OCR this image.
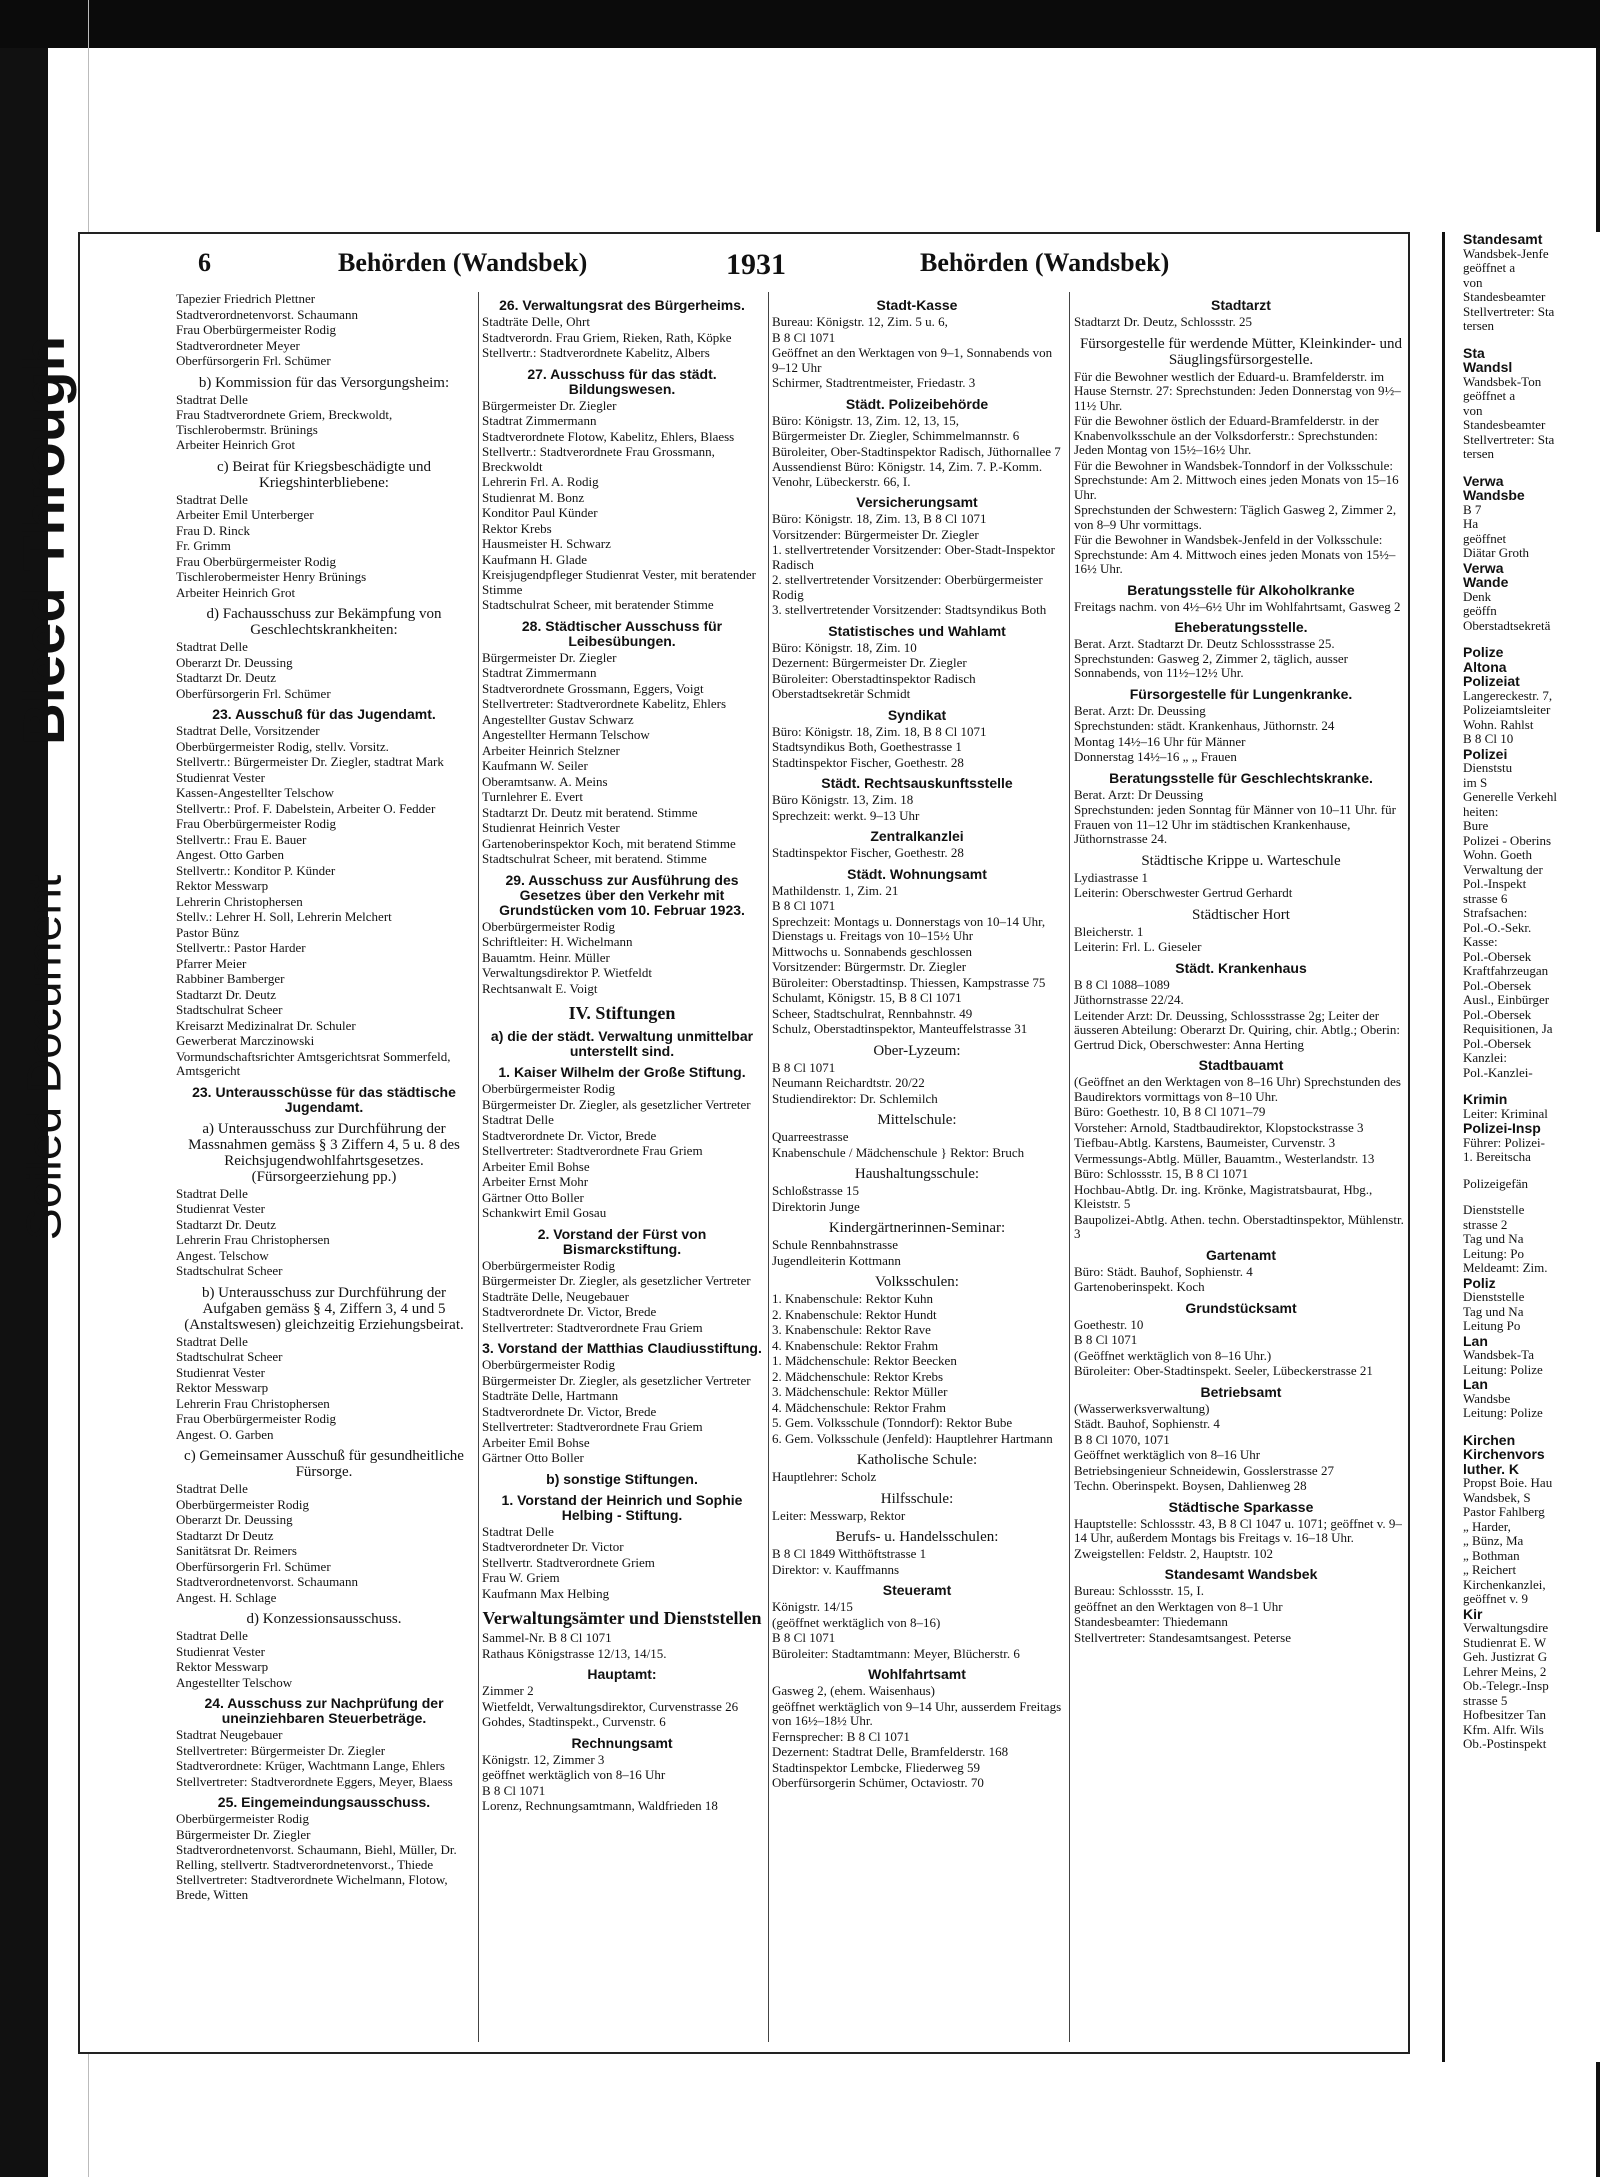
Bleed Through
Soiled Document
6	Behörden (Wandsbek)	1931	Behörden (Wandsbek)

Tapezier Friedrich Plettner

Stadtverordnetenvorst. Schaumann

Frau Oberbürgermeister Rodig

Stadtverordneter Meyer

Oberfürsorgerin Frl. Schümer

b) Kommission für das Versorgungsheim:

Stadtrat Delle

Frau Stadtverordnete Griem, Breckwoldt, Tischlerobermstr. Brünings

Arbeiter Heinrich Grot

c) Beirat für Kriegsbeschädigte und Kriegshinterbliebene:

Stadtrat Delle

Arbeiter Emil Unterberger

Frau D. Rinck

Fr. Grimm

Frau Oberbürgermeister Rodig

Tischlerobermeister Henry Brünings

Arbeiter Heinrich Grot

d) Fachausschuss zur Bekämpfung von Geschlechtskrankheiten:

Stadtrat Delle

Oberarzt Dr. Deussing

Stadtarzt Dr. Deutz

Oberfürsorgerin Frl. Schümer

23. Ausschuß für das Jugendamt.

Stadtrat Delle, Vorsitzender

Oberbürgermeister Rodig, stellv. Vorsitz.

Stellvertr.: Bürgermeister Dr. Ziegler, stadtrat Mark

Studienrat Vester

Kassen-Angestellter Telschow

Stellvertr.: Prof. F. Dabelstein, Arbeiter O. Fedder

Frau Oberbürgermeister Rodig

Stellvertr.: Frau E. Bauer

Angest. Otto Garben

Stellvertr.: Konditor P. Künder

Rektor Messwarp

Lehrerin Christophersen

Stellv.: Lehrer H. Soll, Lehrerin Melchert

Pastor Bünz

Stellvertr.: Pastor Harder

Pfarrer Meier

Rabbiner Bamberger

Stadtarzt Dr. Deutz

Stadtschulrat Scheer

Kreisarzt Medizinalrat Dr. Schuler

Gewerberat Marczinowski

Vormundschaftsrichter Amtsgerichtsrat Sommerfeld, Amtsgericht

23. Unterausschüsse für das städtische Jugendamt.
a) Unterausschuss zur Durchführung der Massnahmen gemäss § 3 Ziffern 4, 5 u. 8 des Reichsjugendwohlfahrtsgesetzes. (Fürsorgeerziehung pp.)

Stadtrat Delle

Studienrat Vester

Stadtarzt Dr. Deutz

Lehrerin Frau Christophersen

Angest. Telschow

Stadtschulrat Scheer

b) Unterausschuss zur Durchführung der Aufgaben gemäss § 4, Ziffern 3, 4 und 5 (Anstaltswesen) gleichzeitig Erziehungsbeirat.

Stadtrat Delle

Stadtschulrat Scheer

Studienrat Vester

Rektor Messwarp

Lehrerin Frau Christophersen

Frau Oberbürgermeister Rodig

Angest. O. Garben

c) Gemeinsamer Ausschuß für gesundheitliche Fürsorge.

Stadtrat Delle

Oberbürgermeister Rodig

Oberarzt Dr. Deussing

Stadtarzt Dr Deutz

Sanitätsrat Dr. Reimers

Oberfürsorgerin Frl. Schümer

Stadtverordnetenvorst. Schaumann

Angest. H. Schlage

d) Konzessionsausschuss.

Stadtrat Delle

Studienrat Vester

Rektor Messwarp

Angestellter Telschow

24. Ausschuss zur Nachprüfung der uneinziehbaren Steuerbeträge.

Stadtrat Neugebauer

Stellvertreter: Bürgermeister Dr. Ziegler

Stadtverordnete: Krüger, Wachtmann Lange, Ehlers

Stellvertreter: Stadtverordnete Eggers, Meyer, Blaess

25. Eingemeindungsausschuss.

Oberbürgermeister Rodig

Bürgermeister Dr. Ziegler

Stadtverordnetenvorst. Schaumann, Biehl, Müller, Dr. Relling, stellvertr. Stadtverordnetenvorst., Thiede

Stellvertreter: Stadtverordnete Wichelmann, Flotow, Brede, Witten

26. Verwaltungsrat des Bürgerheims.

Stadträte Delle, Ohrt

Stadtverordn. Frau Griem, Rieken, Rath, Köpke

Stellvertr.: Stadtverordnete Kabelitz, Albers

27. Ausschuss für das städt. Bildungswesen.

Bürgermeister Dr. Ziegler

Stadtrat Zimmermann

Stadtverordnete Flotow, Kabelitz, Ehlers, Blaess

Stellvertr.: Stadtverordnete Frau Grossmann, Breckwoldt

Lehrerin Frl. A. Rodig

Studienrat M. Bonz

Konditor Paul Künder

Rektor Krebs

Hausmeister H. Schwarz

Kaufmann H. Glade

Kreisjugendpfleger Studienrat Vester, mit beratender Stimme

Stadtschulrat Scheer, mit beratender Stimme

28. Städtischer Ausschuss für Leibesübungen.

Bürgermeister Dr. Ziegler

Stadtrat Zimmermann

Stadtverordnete Grossmann, Eggers, Voigt

Stellvertreter: Stadtverordnete Kabelitz, Ehlers

Angestellter Gustav Schwarz

Angestellter Hermann Telschow

Arbeiter Heinrich Stelzner

Kaufmann W. Seiler

Oberamtsanw. A. Meins

Turnlehrer E. Evert

Stadtarzt Dr. Deutz mit beratend. Stimme

Studienrat Heinrich Vester

Gartenoberinspektor Koch, mit beratend Stimme

Stadtschulrat Scheer, mit beratend. Stimme

29. Ausschuss zur Ausführung des Gesetzes über den Verkehr mit Grundstücken vom 10. Februar 1923.

Oberbürgermeister Rodig

Schriftleiter: H. Wichelmann

Bauamtm. Heinr. Müller

Verwaltungsdirektor P. Wietfeldt

Rechtsanwalt E. Voigt

IV. Stiftungen
a) die der städt. Verwaltung unmittelbar unterstellt sind.
1. Kaiser Wilhelm der Große Stiftung.

Oberbürgermeister Rodig

Bürgermeister Dr. Ziegler, als gesetzlicher Vertreter

Stadtrat Delle

Stadtverordnete Dr. Victor, Brede

Stellvertreter: Stadtverordnete Frau Griem

Arbeiter Emil Bohse

Arbeiter Ernst Mohr

Gärtner Otto Boller

Schankwirt Emil Gosau

2. Vorstand der Fürst von Bismarckstiftung.

Oberbürgermeister Rodig

Bürgermeister Dr. Ziegler, als gesetzlicher Vertreter

Stadträte Delle, Neugebauer

Stadtverordnete Dr. Victor, Brede

Stellvertreter: Stadtverordnete Frau Griem

3. Vorstand der Matthias Claudiusstiftung.

Oberbürgermeister Rodig

Bürgermeister Dr. Ziegler, als gesetzlicher Vertreter

Stadträte Delle, Hartmann

Stadtverordnete Dr. Victor, Brede

Stellvertreter: Stadtverordnete Frau Griem

Arbeiter Emil Bohse

Gärtner Otto Boller

b) sonstige Stiftungen.
1. Vorstand der Heinrich und Sophie Helbing - Stiftung.

Stadtrat Delle

Stadtverordneter Dr. Victor

Stellvertr. Stadtverordnete Griem

Frau W. Griem

Kaufmann Max Helbing

Verwaltungsämter und Dienststellen

Sammel-Nr. B 8 Cl 1071

Rathaus Königstrasse 12/13, 14/15.

Hauptamt:

Zimmer 2

Wietfeldt, Verwaltungsdirektor, Curvenstrasse 26

Gohdes, Stadtinspekt., Curvenstr. 6

Rechnungsamt

Königstr. 12, Zimmer 3

geöffnet werktäglich von 8–16 Uhr

B 8 Cl 1071

Lorenz, Rechnungsamtmann, Waldfrieden 18

Stadt-Kasse

Bureau: Königstr. 12, Zim. 5 u. 6,

B 8 Cl 1071

Geöffnet an den Werktagen von 9–1, Sonnabends von 9–12 Uhr

Schirmer, Stadtrentmeister, Friedastr. 3

Städt. Polizeibehörde

Büro: Königstr. 13, Zim. 12, 13, 15,

Bürgermeister Dr. Ziegler, Schimmelmannstr. 6

Büroleiter, Ober-Stadtinspektor Radisch, Jüthornallee 7

Aussendienst Büro: Königstr. 14, Zim. 7. P.-Komm. Venohr, Lübeckerstr. 66, I.

Versicherungsamt

Büro: Königstr. 18, Zim. 13, B 8 Cl 1071

Vorsitzender: Bürgermeister Dr. Ziegler

1. stellvertretender Vorsitzender: Ober-Stadt-Inspektor Radisch

2. stellvertretender Vorsitzender: Oberbürgermeister Rodig

3. stellvertretender Vorsitzender: Stadtsyndikus Both

Statistisches und Wahlamt

Büro: Königstr. 18, Zim. 10

Dezernent: Bürgermeister Dr. Ziegler

Büroleiter: Oberstadtinspektor Radisch

Oberstadtsekretär Schmidt

Syndikat

Büro: Königstr. 18, Zim. 18, B 8 Cl 1071

Stadtsyndikus Both, Goethestrasse 1

Stadtinspektor Fischer, Goethestr. 28

Städt. Rechtsauskunftsstelle

Büro Königstr. 13, Zim. 18

Sprechzeit: werkt. 9–13 Uhr

Zentralkanzlei

Stadtinspektor Fischer, Goethestr. 28

Städt. Wohnungsamt

Mathildenstr. 1, Zim. 21

B 8 Cl 1071

Sprechzeit: Montags u. Donnerstags von 10–14 Uhr, Dienstags u. Freitags von 10–15½ Uhr

Mittwochs u. Sonnabends geschlossen

Vorsitzender: Bürgermstr. Dr. Ziegler

Büroleiter: Oberstadtinsp. Thiessen, Kampstrasse 75

Schulamt, Königstr. 15, B 8 Cl 1071

Scheer, Stadtschulrat, Rennbahnstr. 49

Schulz, Oberstadtinspektor, Manteuffelstrasse 31

Ober-Lyzeum:

B 8 Cl 1071

Neumann Reichardtstr. 20/22

Studiendirektor: Dr. Schlemilch

Mittelschule:

Quarreestrasse

Knabenschule / Mädchenschule } Rektor: Bruch

Haushaltungsschule:

Schloßstrasse 15

Direktorin Junge

Kindergärtnerinnen-Seminar:

Schule Rennbahnstrasse

Jugendleiterin Kottmann

Volksschulen:

1. Knabenschule: Rektor Kuhn

2. Knabenschule: Rektor Hundt

3. Knabenschule: Rektor Rave

4. Knabenschule: Rektor Frahm

1. Mädchenschule: Rektor Beecken

2. Mädchenschule: Rektor Krebs

3. Mädchenschule: Rektor Müller

4. Mädchenschule: Rektor Frahm

5. Gem. Volksschule (Tonndorf): Rektor Bube

6. Gem. Volksschule (Jenfeld): Hauptlehrer Hartmann

Katholische Schule:

Hauptlehrer: Scholz

Hilfsschule:

Leiter: Messwarp, Rektor

Berufs- u. Handelsschulen:

B 8 Cl 1849 Witthöftstrasse 1

Direktor: v. Kauffmanns

Steueramt

Königstr. 14/15

(geöffnet werktäglich von 8–16)

B 8 Cl 1071

Büroleiter: Stadtamtmann: Meyer, Blücherstr. 6

Wohlfahrtsamt

Gasweg 2, (ehem. Waisenhaus)

geöffnet werktäglich von 9–14 Uhr, ausserdem Freitags von 16½–18½ Uhr.

Fernsprecher: B 8 Cl 1071

Dezernent: Stadtrat Delle, Bramfelderstr. 168

Stadtinspektor Lembcke, Fliederweg 59

Oberfürsorgerin Schümer, Octaviostr. 70

Stadtarzt

Stadtarzt Dr. Deutz, Schlossstr. 25

Fürsorgestelle für werdende Mütter, Kleinkinder- und Säuglingsfürsorgestelle.

Für die Bewohner westlich der Eduard-u. Bramfelderstr. im Hause Sternstr. 27: Sprechstunden: Jeden Donnerstag von 9½–11½ Uhr.

Für die Bewohner östlich der Eduard-Bramfelderstr. in der Knabenvolksschule an der Volksdorferstr.: Sprechstunden: Jeden Montag von 15½–16½ Uhr.

Für die Bewohner in Wandsbek-Tonndorf in der Volksschule: Sprechstunde: Am 2. Mittwoch eines jeden Monats von 15–16 Uhr.

Sprechstunden der Schwestern: Täglich Gasweg 2, Zimmer 2, von 8–9 Uhr vormittags.

Für die Bewohner in Wandsbek-Jenfeld in der Volksschule: Sprechstunde: Am 4. Mittwoch eines jeden Monats von 15½–16½ Uhr.

Beratungsstelle für Alkoholkranke

Freitags nachm. von 4½–6½ Uhr im Wohlfahrtsamt, Gasweg 2

Eheberatungsstelle.

Berat. Arzt. Stadtarzt Dr. Deutz Schlossstrasse 25. Sprechstunden: Gasweg 2, Zimmer 2, täglich, ausser Sonnabends, von 11½–12½ Uhr.

Fürsorgestelle für Lungenkranke.

Berat. Arzt: Dr. Deussing

Sprechstunden: städt. Krankenhaus, Jüthornstr. 24

Montag 14½–16 Uhr für Männer

Donnerstag 14½–16 „ „ Frauen

Beratungsstelle für Geschlechtskranke.

Berat. Arzt: Dr Deussing

Sprechstunden: jeden Sonntag für Männer von 10–11 Uhr. für Frauen von 11–12 Uhr im städtischen Krankenhause, Jüthornstrasse 24.

Städtische Krippe u. Warteschule

Lydiastrasse 1

Leiterin: Oberschwester Gertrud Gerhardt

Städtischer Hort

Bleicherstr. 1

Leiterin: Frl. L. Gieseler

Städt. Krankenhaus

B 8 Cl 1088–1089

Jüthornstrasse 22/24.

Leitender Arzt: Dr. Deussing, Schlossstrasse 2g; Leiter der äusseren Abteilung: Oberarzt Dr. Quiring, chir. Abtlg.; Oberin: Gertrud Dick, Oberschwester: Anna Herting

Stadtbauamt

(Geöffnet an den Werktagen von 8–16 Uhr) Sprechstunden des Baudirektors vormittags von 8–10 Uhr.

Büro: Goethestr. 10, B 8 Cl 1071–79

Vorsteher: Arnold, Stadtbaudirektor, Klopstockstrasse 3

Tiefbau-Abtlg. Karstens, Baumeister, Curvenstr. 3

Vermessungs-Abtlg. Müller, Bauamtm., Westerlandstr. 13

Büro: Schlossstr. 15, B 8 Cl 1071

Hochbau-Abtlg. Dr. ing. Krönke, Magistratsbaurat, Hbg., Kleiststr. 5

Baupolizei-Abtlg. Athen. techn. Oberstadtinspektor, Mühlenstr. 3

Gartenamt

Büro: Städt. Bauhof, Sophienstr. 4

Gartenoberinspekt. Koch

Grundstücksamt

Goethestr. 10

B 8 Cl 1071

(Geöffnet werktäglich von 8–16 Uhr.)

Büroleiter: Ober-Stadtinspekt. Seeler, Lübeckerstrasse 21

Betriebsamt

(Wasserwerksverwaltung)

Städt. Bauhof, Sophienstr. 4

B 8 Cl 1070, 1071

Geöffnet werktäglich von 8–16 Uhr

Betriebsingenieur Schneidewin, Gosslerstrasse 27

Techn. Oberinspekt. Boysen, Dahlienweg 28

Städtische Sparkasse

Hauptstelle: Schlossstr. 43, B 8 Cl 1047 u. 1071; geöffnet v. 9–14 Uhr, außerdem Montags bis Freitags v. 16–18 Uhr.

Zweigstellen: Feldstr. 2, Hauptstr. 102

Standesamt Wandsbek

Bureau: Schlossstr. 15, I.

geöffnet an den Werktagen von 8–1 Uhr

Standesbeamter: Thiedemann

Stellvertreter: Standesamtsangest. Peterse

Standesamt

Wandsbek-Jenfe

geöffnet a

von

Standesbeamter

Stellvertreter: Sta

tersen

Sta

Wandsl

Wandsbek-Ton

geöffnet a

von

Standesbeamter

Stellvertreter: Sta

tersen

Verwa

Wandsbe

B 7

Ha

geöffnet

Diätar Groth

Verwa

Wande

Denk

geöffn

Oberstadtsekretä

Polize

Altona

Polizeiat

Langereckestr. 7,

Polizeiamtsleiter

Wohn. Rahlst

B 8 Cl 10

Polizei

Dienststu

im S

Generelle Verkehl

heiten:

Bure

Polizei - Oberins

Wohn. Goeth

Verwaltung der

Pol.-Inspekt

strasse 6

Strafsachen:

Pol.-O.-Sekr.

Kasse:

Pol.-Obersek

Kraftfahrzeugan

Pol.-Obersek

Ausl., Einbürger

Pol.-Obersek

Requisitionen, Ja

Pol.-Obersek

Kanzlei:

Pol.-Kanzlei-

Krimin

Leiter: Kriminal

Polizei-Insp

Führer: Polizei-

1. Bereitscha

Polizeigefän

Dienststelle

strasse 2

Tag und Na

Leitung: Po

Meldeamt: Zim.

Poliz

Dienststelle

Tag und Na

Leitung Po

Lan

Wandsbek-Ta

Leitung: Polize

Lan

Wandsbe

Leitung: Polize

Kirchen

Kirchenvors

luther. K

Propst Boie. Hau

Wandsbek, S

Pastor Fahlberg

„ Harder,

„ Bünz, Ma

„ Bothman

„ Reichert

Kirchenkanzlei,

geöffnet v. 9

Kir

Verwaltungsdire

Studienrat E. W

Geh. Justizrat G

Lehrer Meins, 2

Ob.-Telegr.-Insp

strasse 5

Hofbesitzer Tan

Kfm. Alfr. Wils

Ob.-Postinspekt
